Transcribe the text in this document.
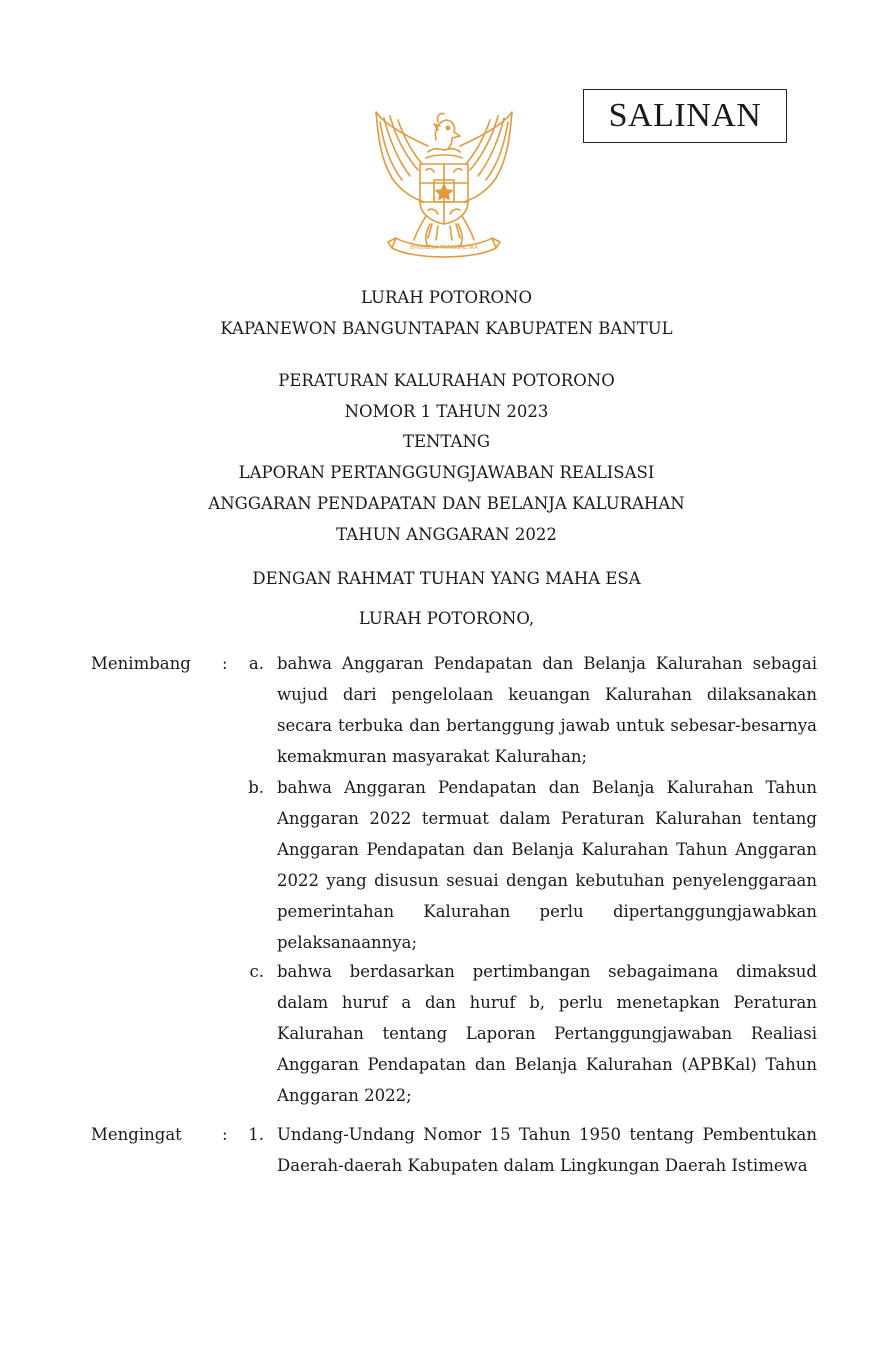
SALINAN
BHINNEKA TUNGGAL IKA
LURAH POTORONO
KAPANEWON BANGUNTAPAN KABUPATEN BANTUL
PERATURAN KALURAHAN POTORONO
NOMOR 1 TAHUN 2023
TENTANG
LAPORAN PERTANGGUNGJAWABAN REALISASI
ANGGARAN PENDAPATAN DAN BELANJA KALURAHAN
TAHUN ANGGARAN 2022
DENGAN RAHMAT TUHAN YANG MAHA ESA
LURAH POTORONO,
Menimbang :	a. bahwa Anggaran Pendapatan dan Belanja Kalurahan sebagai wujud dari pengelolaan keuangan Kalurahan dilaksanakan secara terbuka dan bertanggung jawab untuk sebesar-besarnya kemakmuran masyarakat Kalurahan;

b. bahwa Anggaran Pendapatan dan Belanja Kalurahan Tahun Anggaran 2022 termuat dalam Peraturan Kalurahan tentang Anggaran Pendapatan dan Belanja Kalurahan Tahun Anggaran 2022 yang disusun sesuai dengan kebutuhan penyelenggaraan pemerintahan Kalurahan perlu dipertanggungjawabkan pelaksanaannya;

c. bahwa berdasarkan pertimbangan sebagaimana dimaksud dalam huruf a dan huruf b, perlu menetapkan Peraturan Kalurahan tentang Laporan Pertanggungjawaban Realiasi Anggaran Pendapatan dan Belanja Kalurahan (APBKal) Tahun Anggaran 2022;

Mengingat :	1. Undang-Undang Nomor 15 Tahun 1950 tentang Pembentukan Daerah-daerah Kabupaten dalam Lingkungan Daerah Istimewa
